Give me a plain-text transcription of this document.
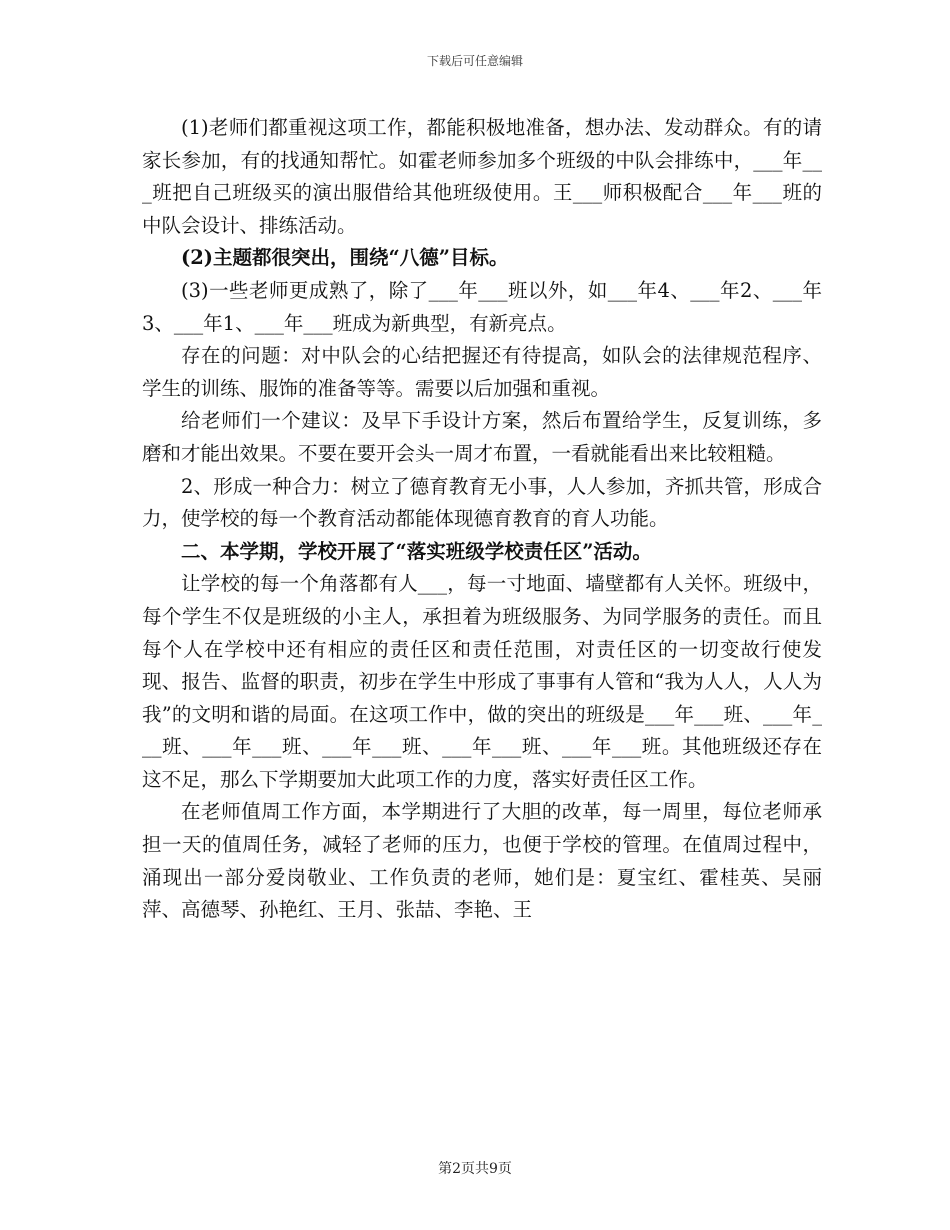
下载后可任意编辑

(1)老师们都重视这项工作，都能积极地准备，想办法、发动群众。有的请家长参加，有的找通知帮忙。如霍老师参加多个班级的中队会排练中，___年___班把自己班级买的演出服借给其他班级使用。王___师积极配合___年___班的中队会设计、排练活动。

(2)主题都很突出，围绕“八德”目标。

(3)一些老师更成熟了，除了___年___班以外，如___年4、___年2、___年3、___年1、___年___班成为新典型，有新亮点。

存在的问题：对中队会的心结把握还有待提高，如队会的法律规范程序、学生的训练、服饰的准备等等。需要以后加强和重视。

给老师们一个建议：及早下手设计方案，然后布置给学生，反复训练，多磨和才能出效果。不要在要开会头一周才布置，一看就能看出来比较粗糙。

2、形成一种合力：树立了德育教育无小事，人人参加，齐抓共管，形成合力，使学校的每一个教育活动都能体现德育教育的育人功能。

二、本学期，学校开展了“落实班级学校责任区”活动。

让学校的每一个角落都有人___，每一寸地面、墙壁都有人关怀。班级中，每个学生不仅是班级的小主人，承担着为班级服务、为同学服务的责任。而且每个人在学校中还有相应的责任区和责任范围，对责任区的一切变故行使发现、报告、监督的职责，初步在学生中形成了事事有人管和“我为人人，人人为我”的文明和谐的局面。在这项工作中，做的突出的班级是___年___班、___年___班、___年___班、___年___班、___年___班、___年___班。其他班级还存在这不足，那么下学期要加大此项工作的力度，落实好责任区工作。

在老师值周工作方面，本学期进行了大胆的改革，每一周里，每位老师承担一天的值周任务，减轻了老师的压力，也便于学校的管理。在值周过程中，涌现出一部分爱岗敬业、工作负责的老师，她们是：夏宝红、霍桂英、吴丽萍、高德琴、孙艳红、王月、张喆、李艳、王

第2页共9页
